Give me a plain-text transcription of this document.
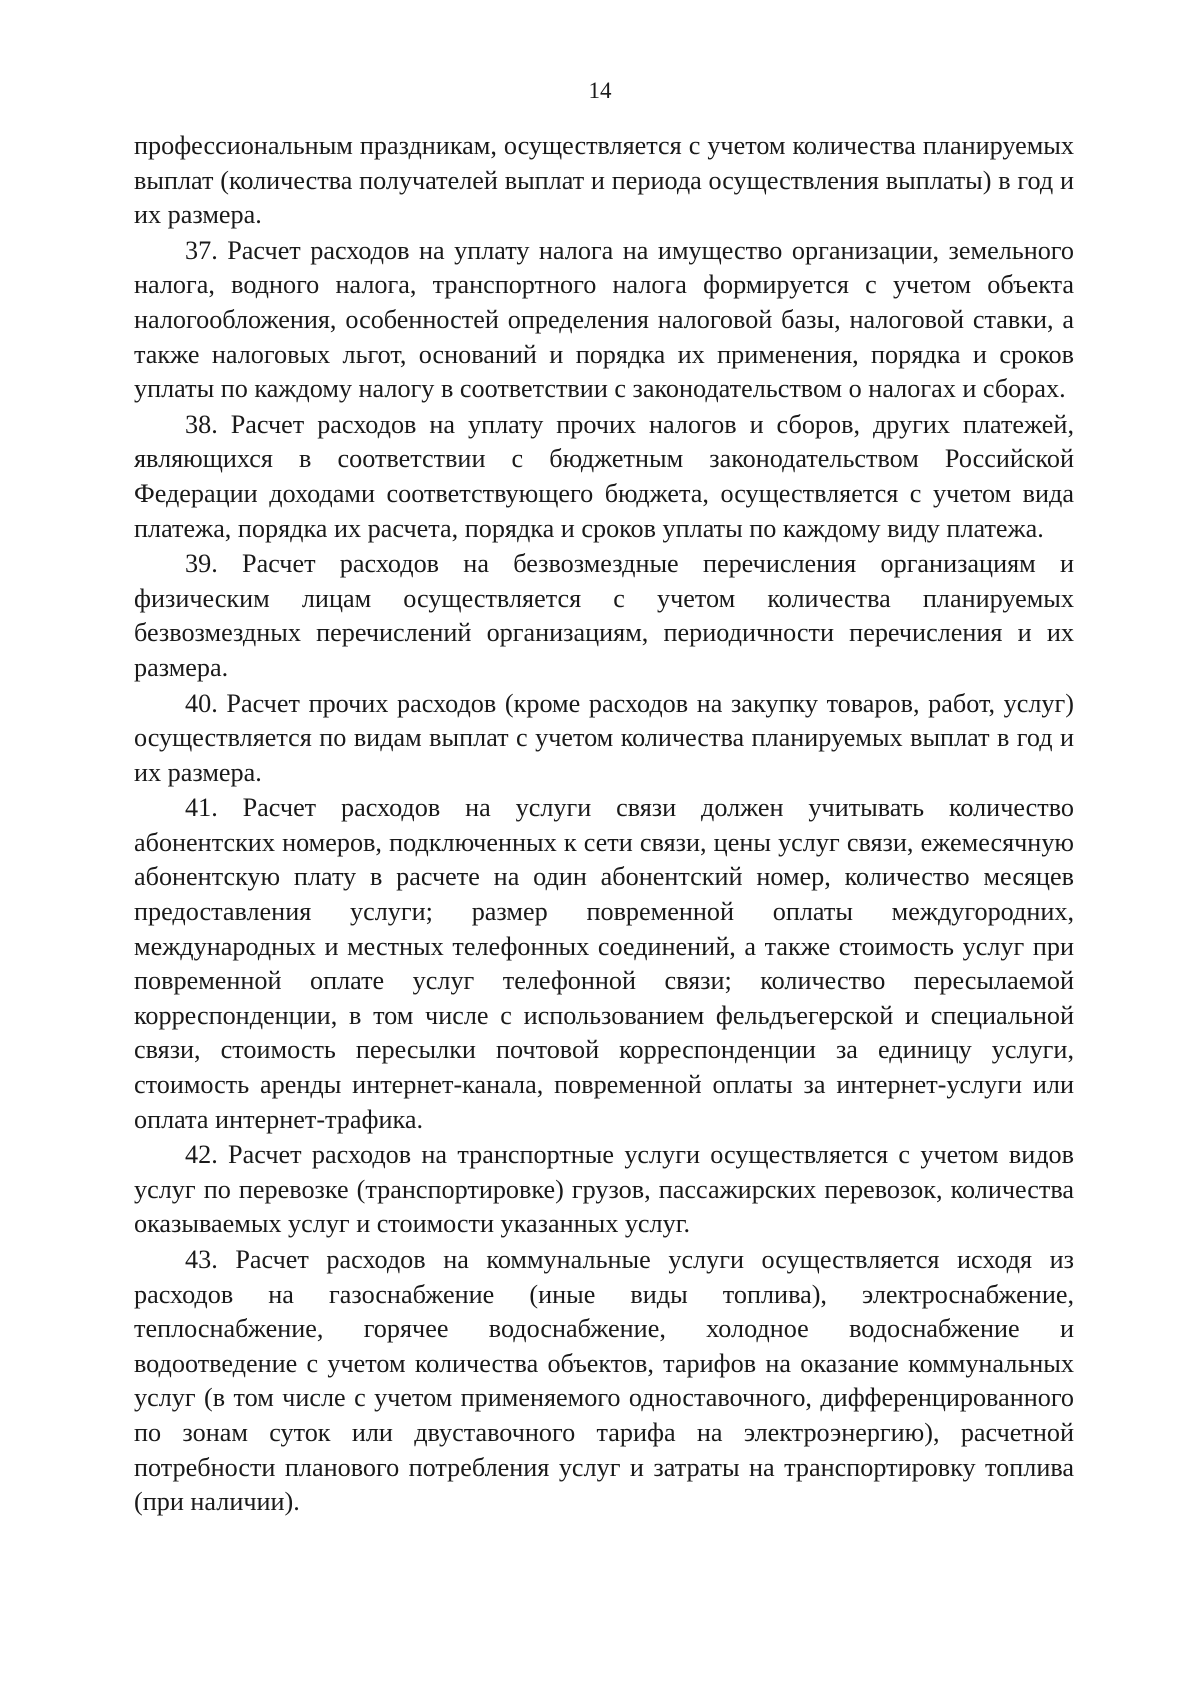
14

профессиональным праздникам, осуществляется с учетом количества планируемых выплат (количества получателей выплат и периода осуществления выплаты) в год и их размера.

37. Расчет расходов на уплату налога на имущество организации, земельного налога, водного налога, транспортного налога формируется с учетом объекта налогообложения, особенностей определения налоговой базы, налоговой ставки, а также налоговых льгот, оснований и порядка их применения, порядка и сроков уплаты по каждому налогу в соответствии с законодательством о налогах и сборах.

38. Расчет расходов на уплату прочих налогов и сборов, других платежей, являющихся в соответствии с бюджетным законодательством Российской Федерации доходами соответствующего бюджета, осуществляется с учетом вида платежа, порядка их расчета, порядка и сроков уплаты по каждому виду платежа.

39. Расчет расходов на безвозмездные перечисления организациям и физическим лицам осуществляется с учетом количества планируемых безвозмездных перечислений организациям, периодичности перечисления и их размера.

40. Расчет прочих расходов (кроме расходов на закупку товаров, работ, услуг) осуществляется по видам выплат с учетом количества планируемых выплат в год и их размера.

41. Расчет расходов на услуги связи должен учитывать количество абонентских номеров, подключенных к сети связи, цены услуг связи, ежемесячную абонентскую плату в расчете на один абонентский номер, количество месяцев предоставления услуги; размер повременной оплаты междугородних, международных и местных телефонных соединений, а также стоимость услуг при повременной оплате услуг телефонной связи; количество пересылаемой корреспонденции, в том числе с использованием фельдъегерской и специальной связи, стоимость пересылки почтовой корреспонденции за единицу услуги, стоимость аренды интернет-канала, повременной оплаты за интернет-услуги или оплата интернет-трафика.

42. Расчет расходов на транспортные услуги осуществляется с учетом видов услуг по перевозке (транспортировке) грузов, пассажирских перевозок, количества оказываемых услуг и стоимости указанных услуг.

43. Расчет расходов на коммунальные услуги осуществляется исходя из расходов на газоснабжение (иные виды топлива), электроснабжение, теплоснабжение, горячее водоснабжение, холодное водоснабжение и водоотведение с учетом количества объектов, тарифов на оказание коммунальных услуг (в том числе с учетом применяемого одноставочного, дифференцированного по зонам суток или двуставочного тарифа на электроэнергию), расчетной потребности планового потребления услуг и затраты на транспортировку топлива (при наличии).
